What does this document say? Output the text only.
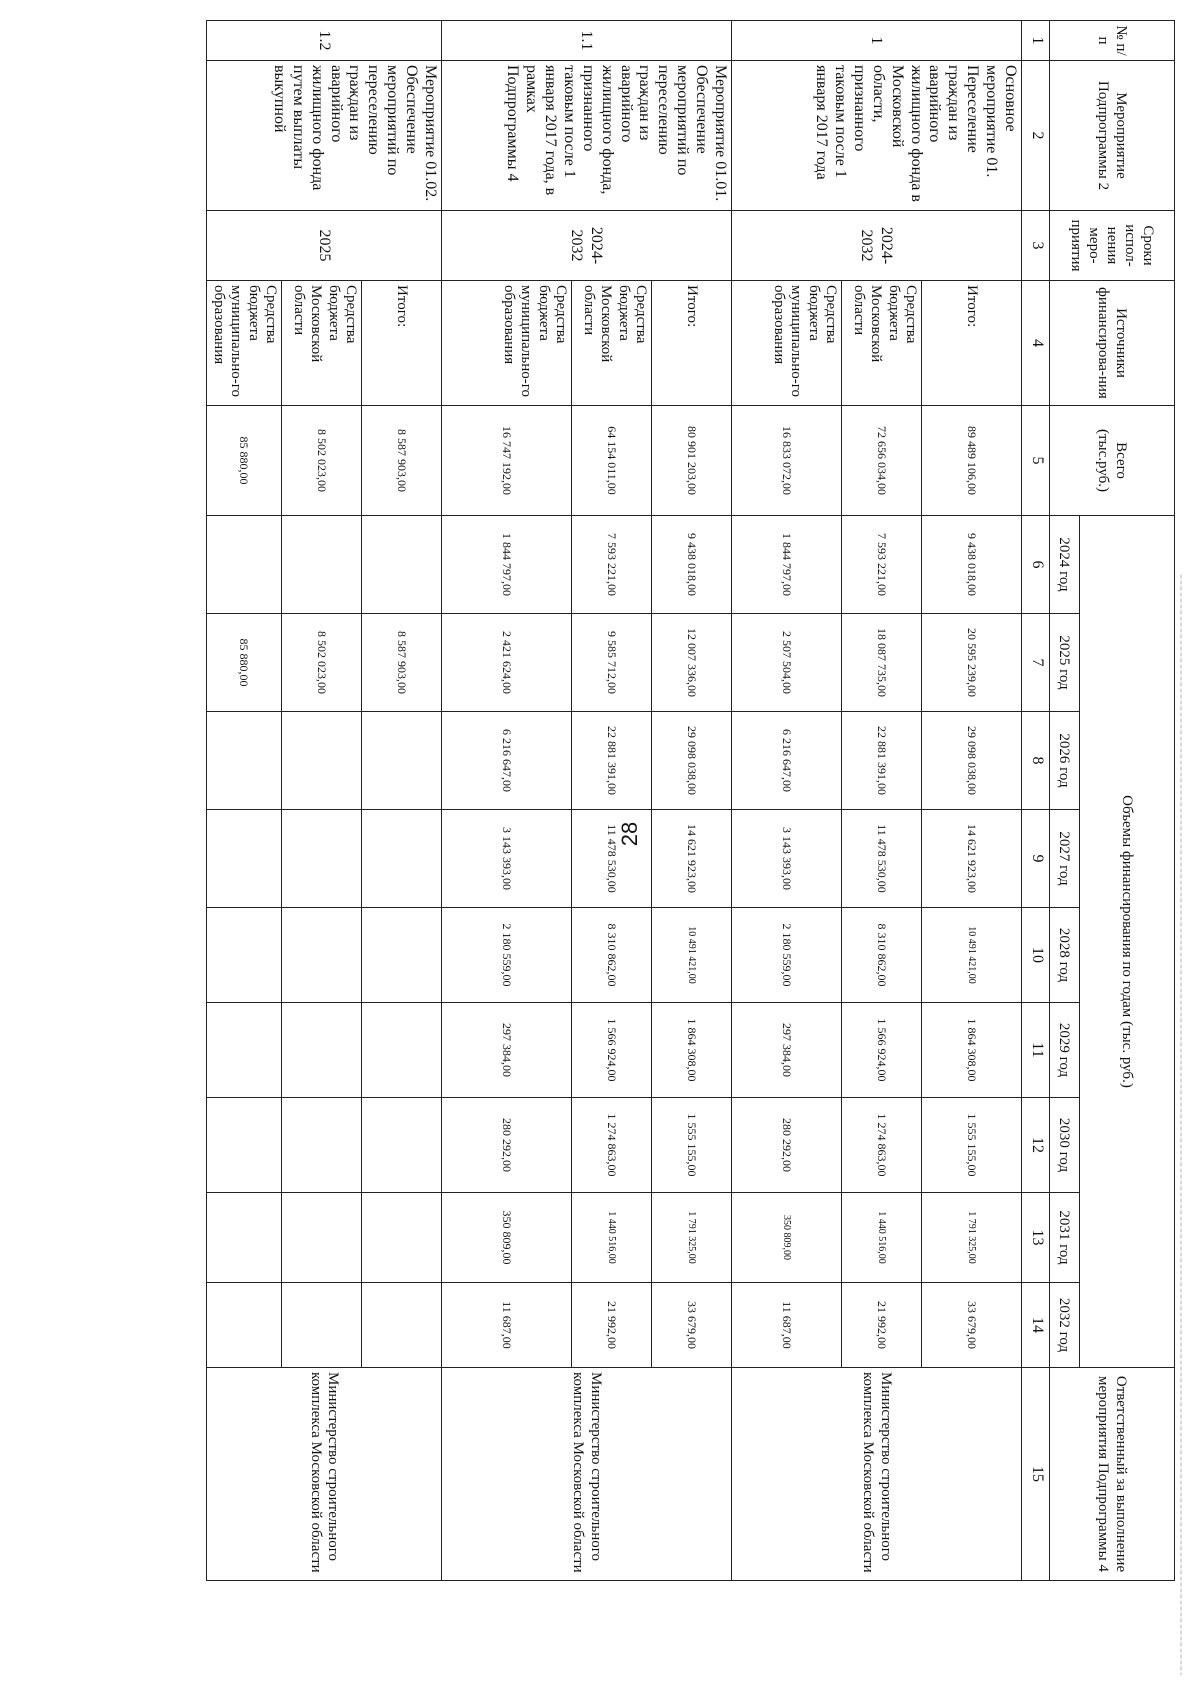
28
№ п/п	Мероприятие Подпрограммы 2	Сроки испол-нения меро-приятия	Источники финансирова-ния	Всего (тыс.руб.)	Объемы финансирования по годам (тыс. руб.)									Ответственный за выполнение мероприятия Подпрограммы 4
					2024 год	2025 год	2026 год	2027 год	2028 год	2029 год	2030 год	2031 год	2032 год	
1	2	3	4	5	6	7	8	9	10	11	12	13	14	15
1	Основное мероприятие 01. Переселение граждан из аварийного жилищного фонда в Московской области, признанного таковым после 1 января 2017 года	2024-2032	Итого:	89 489 106,00	9 438 018,00	20 595 239,00	29 098 038,00	14 621 923,00	10 491 421,00	1 864 308,00	1 555 155,00	1 791 325,00	33 679,00	Министерство строительного комплекса Московской области
			Средства бюджета Московской области	72 656 034,00	7 593 221,00	18 087 735,00	22 881 391,00	11 478 530,00	8 310 862,00	1 566 924,00	1 274 863,00	1 440 516,00	21 992,00	
			Средства бюджета муниципально-го образования	16 833 072,00	1 844 797,00	2 507 504,00	6 216 647,00	3 143 393,00	2 180 559,00	297 384,00	280 292,00	350 809,00	11 687,00	
1.1	Мероприятие 01.01. Обеспечение мероприятий по переселению граждан из аварийного жилищного фонда, признанного таковым после 1 января 2017 года, в рамках Подпрограммы 4	2024-2032	Итого:	80 901 203,00	9 438 018,00	12 007 336,00	29 098 038,00	14 621 923,00	10 491 421,00	1 864 308,00	1 555 155,00	1 791 325,00	33 679,00	Министерство строительного комплекса Московской области
			Средства бюджета Московской области	64 154 011,00	7 593 221,00	9 585 712,00	22 881 391,00	11 478 530,00	8 310 862,00	1 566 924,00	1 274 863,00	1 440 516,00	21 992,00	
			Средства бюджета муниципально-го образования	16 747 192,00	1 844 797,00	2 421 624,00	6 216 647,00	3 143 393,00	2 180 559,00	297 384,00	280 292,00	350 809,00	11 687,00	
1.2	Мероприятие 01.02. Обеспечение мероприятий по переселению граждан из аварийного жилищного фонда путем выплаты выкупной	2025	Итого:	8 587 903,00		8 587 903,00								Министерство строительного комплекса Московской области
			Средства бюджета Московской области	8 502 023,00		8 502 023,00								
			Средства бюджета муниципально-го образования	85 880,00		85 880,00								
